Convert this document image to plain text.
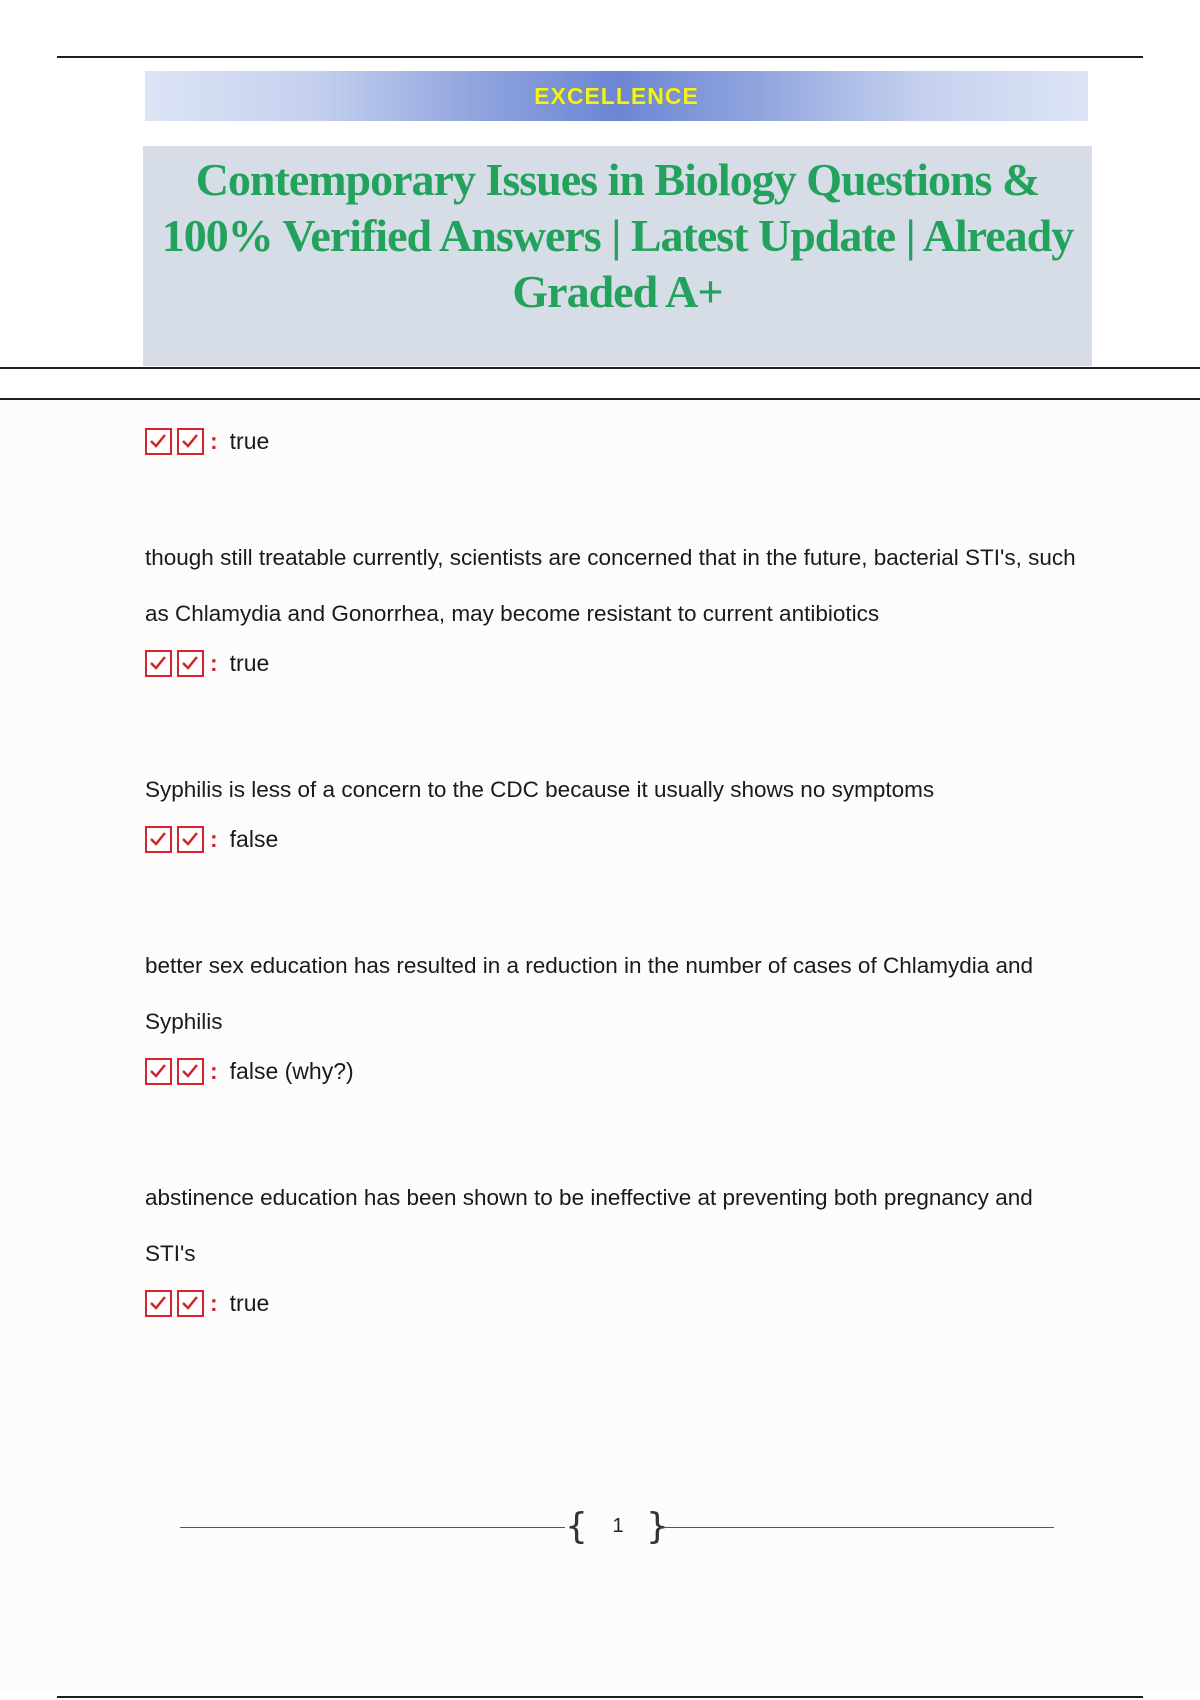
EXCELLENCE
Contemporary Issues in Biology Questions & 100% Verified Answers | Latest Update | Already Graded A+
: true

though still treatable currently, scientists are concerned that in the future, bacterial STI's, such as Chlamydia and Gonorrhea, may become resistant to current antibiotics

: true

Syphilis is less of a concern to the CDC because it usually shows no symptoms

: false

better sex education has resulted in a reduction in the number of cases of Chlamydia and Syphilis

: false (why?)

abstinence education has been shown to be ineffective at preventing both pregnancy and STI's

: true
{	1 }
